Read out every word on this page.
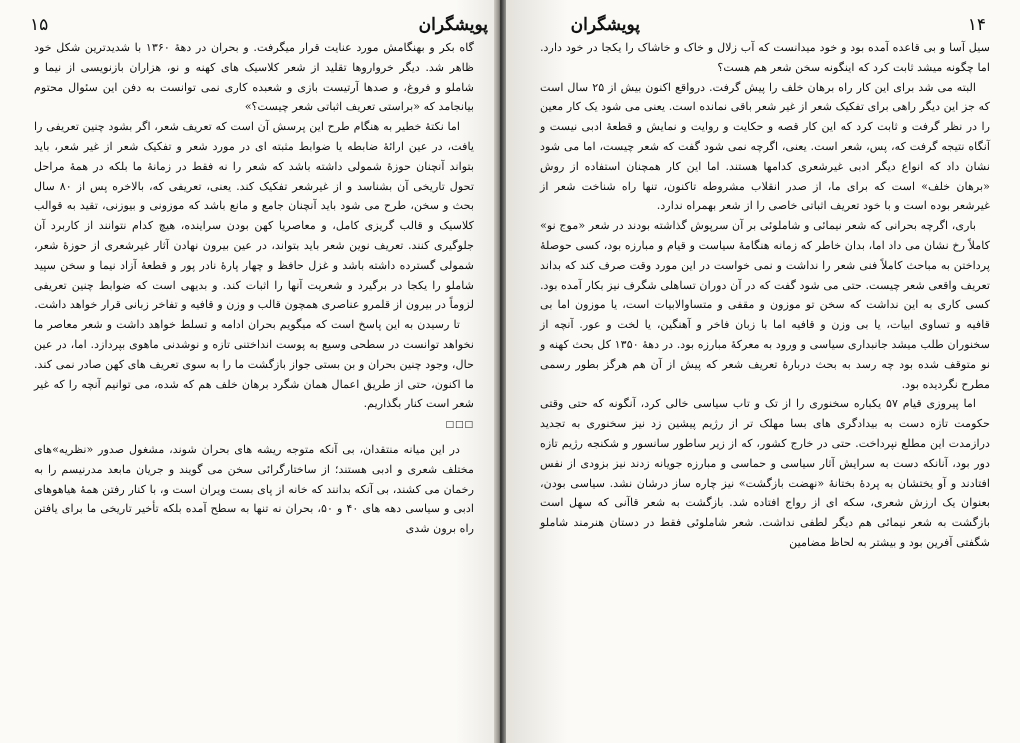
پویشگران
۱۵

گاه بکر و بهنگامش مورد عنایت قرار میگرفت. و بحران در دههٔ ۱۳۶۰ با شدیدترین شکل خود ظاهر شد. دیگر خرواروها تقلید از شعر کلاسیک های کهنه و نو، هزاران بازنویسی از نیما و شاملو و فروغ، و صدها آرتیست بازی و شعبده کاری نمی توانست به دفن این سئوال محتوم بیانجامد که «براستی تعریف اثباتی شعر چیست؟»

اما نکتهٔ خطیر به هنگام طرح این پرسش آن است که تعریف شعر، اگر بشود چنین تعریفی را یافت، در عین ارائهٔ ضابطه یا ضوابط مثبته ای در مورد شعر و تفکیک شعر از غیر شعر، باید بتواند آنچنان حوزهٔ شمولی داشته باشد که شعر را نه فقط در زمانهٔ ما بلکه در همهٔ مراحل تحول تاریخی آن بشناسد و از غیرشعر تفکیک کند. یعنی، تعریفی که، بالاخره پس از ۸۰ سال بحث و سخن، طرح می شود باید آنچنان جامع و مانع باشد که موزونی و بیوزنی، تقید به قوالب کلاسیک و قالب گریزی کامل، و معاصریا کهن بودن سراینده، هیچ کدام نتوانند از کاربرد آن جلوگیری کنند. تعریف نوین شعر باید بتواند، در عین بیرون نهادن آثار غیرشعری از حوزهٔ شعر، شمولی گسترده داشته باشد و غزل حافظ و چهار پارهٔ نادر پور و قطعهٔ آزاد نیما و سخن سپید شاملو را یکجا در برگیرد و شعریت آنها را اثبات کند. و بدیهی است که ضوابط چنین تعریفی لزوماً در بیرون از قلمرو عناصری همچون قالب و وزن و قافیه و تفاخر زبانی قرار خواهد داشت.

تا رسیدن به این پاسخ است که میگویم بحران ادامه و تسلط خواهد داشت و شعر معاصر ما نخواهد توانست در سطحی وسیع به پوست انداختنی تازه و نوشدنی ماهوی بپردازد. اما، در عین حال، وجود چنین بحران و بن بستی جواز بازگشت ما را به سوی تعریف های کهن صادر نمی کند. ما اکنون، حتی از طریق اعمال همان شگرد برهان خلف هم که شده، می توانیم آنچه را که غیر شعر است کنار بگذاریم.

□□□

در این میانه منتقدان، بی آنکه متوجه ریشه های بحران شوند، مشغول صدور «نظریه»های مختلف شعری و ادبی هستند؛ از ساختارگرائی سخن می گویند و جریان مابعد مدرنیسم را به رخمان می کشند، بی آنکه بدانند که خانه از پای بست ویران است و، با کنار رفتن همهٔ هیاهوهای ادبی و سیاسی دهه های ۴۰ و ۵۰، بحران نه تنها به سطح آمده بلکه تأخیر تاریخی ما برای یافتن راه برون شدی

پویشگران	۱۴

سیل آسا و بی قاعده آمده بود و خود میدانست که آب زلال و خاک و خاشاک را یکجا در خود دارد. اما چگونه میشد ثابت کرد که اینگونه سخن شعر هم هست؟

البته می شد برای این کار راه برهان خلف را پیش گرفت. درواقع اکنون بیش از ۲۵ سال است که جز این دیگر راهی برای تفکیک شعر از غیر شعر باقی نمانده است. یعنی می شود یک کار معین را در نظر گرفت و ثابت کرد که این کار قصه و حکایت و روایت و نمایش و قطعهٔ ادبی نیست و آنگاه نتیجه گرفت که، پس، شعر است. یعنی، اگرچه نمی شود گفت که شعر چیست، اما می شود نشان داد که انواع دیگر ادبی غیرشعری کدامها هستند. اما این کار همچنان استفاده از روش «برهان خلف» است که برای ما، از صدر انقلاب مشروطه تاکنون، تنها راه شناخت شعر از غیرشعر بوده است و با خود تعریف اثباتی خاصی را از شعر بهمراه ندارد.

باری، اگرچه بحرانی که شعر نیمائی و شاملوئی بر آن سرپوش گذاشته بودند در شعر «موج نو» کاملاً رخ نشان می داد اما، بدان خاطر که زمانه هنگامهٔ سیاست و قیام و مبارزه بود، کسی حوصلهٔ پرداختن به مباحث کاملاً فنی شعر را نداشت و نمی خواست در این مورد وقت صرف کند که بداند تعریف واقعی شعر چیست. حتی می شود گفت که در آن دوران تساهلی شگرف نیز بکار آمده بود. کسی کاری به این نداشت که سخن تو موزون و مقفی و متساوالابیات است، یا موزون اما بی قافیه و تساوی ابیات، یا بی وزن و قافیه اما با زبان فاخر و آهنگین، یا لخت و عور. آنچه از سخنوران طلب میشد جانبداری سیاسی و ورود به معرکهٔ مبارزه بود. در دههٔ ۱۳۵۰ کل بحث کهنه و نو متوقف شده بود چه رسد به بحث دربارهٔ تعریف شعر که پیش از آن هم هرگز بطور رسمی مطرح نگردیده بود.

اما پیروزی قیام ۵۷ یکباره سخنوری را از تک و تاب سیاسی خالی کرد، آنگونه که حتی وقتی حکومت تازه دست به بیدادگری های بسا مهلک تر از رژیم پیشین زد نیز سخنوری به تجدید درازمدت این مطلع نپرداخت. حتی در خارج کشور، که از زیر ساطور سانسور و شکنجه رژیم تازه دور بود، آنانکه دست به سرایش آثار سیاسی و حماسی و مبارزه جویانه زدند نیز بزودی از نفس افتادند و آو یختشان به پردهٔ بختانهٔ «نهضت بازگشت» نیز چاره ساز درشان نشد. سیاسی بودن، بعنوان یک ارزش شعری، سکه ای از رواج افتاده شد. بازگشت به شعر قاآنی که سهل است بازگشت به شعر نیمائی هم دیگر لطفی نداشت. شعر شاملوئی فقط در دستان هنرمند شاملو شگفتی آفرین بود و بیشتر به لحاظ مضامین
